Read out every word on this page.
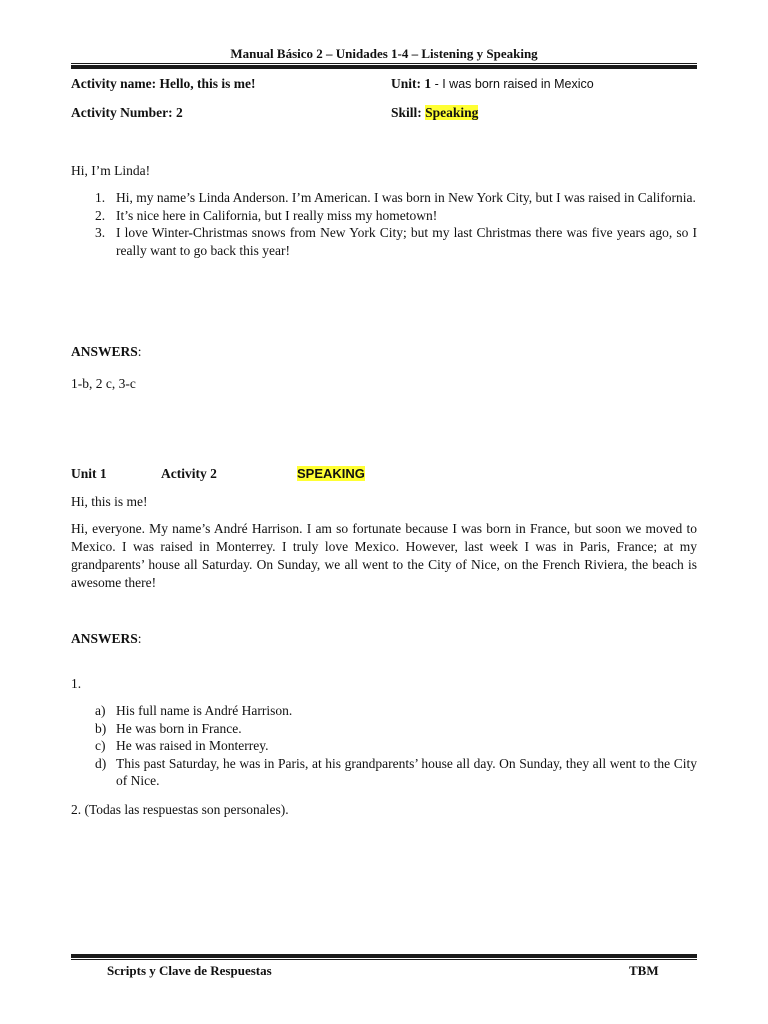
Manual Básico 2 – Unidades 1-4 – Listening y Speaking
Activity name: Hello, this is me!	Unit: 1 - I was born raised in Mexico
Activity Number: 2	Skill: Speaking
Hi, I’m Linda!
1. Hi, my name’s Linda Anderson. I’m American. I was born in New York City, but I was raised in California.
2. It’s nice here in California, but I really miss my hometown!
3. I love Winter-Christmas snows from New York City; but my last Christmas there was five years ago, so I really want to go back this year!
ANSWERS:
1-b, 2 c, 3-c
Unit 1	Activity 2	SPEAKING
Hi, this is me!
Hi, everyone. My name’s André Harrison. I am so fortunate because I was born in France, but soon we moved to Mexico. I was raised in Monterrey. I truly love Mexico. However, last week I was in Paris, France; at my grandparents’ house all Saturday. On Sunday, we all went to the City of Nice, on the French Riviera, the beach is awesome there!
ANSWERS:
1.
a) His full name is André Harrison.
b) He was born in France.
c) He was raised in Monterrey.
d) This past Saturday, he was in Paris, at his grandparents’ house all day. On Sunday, they all went to the City of Nice.
2. (Todas las respuestas son personales).
Scripts y Clave de Respuestas	TBM
